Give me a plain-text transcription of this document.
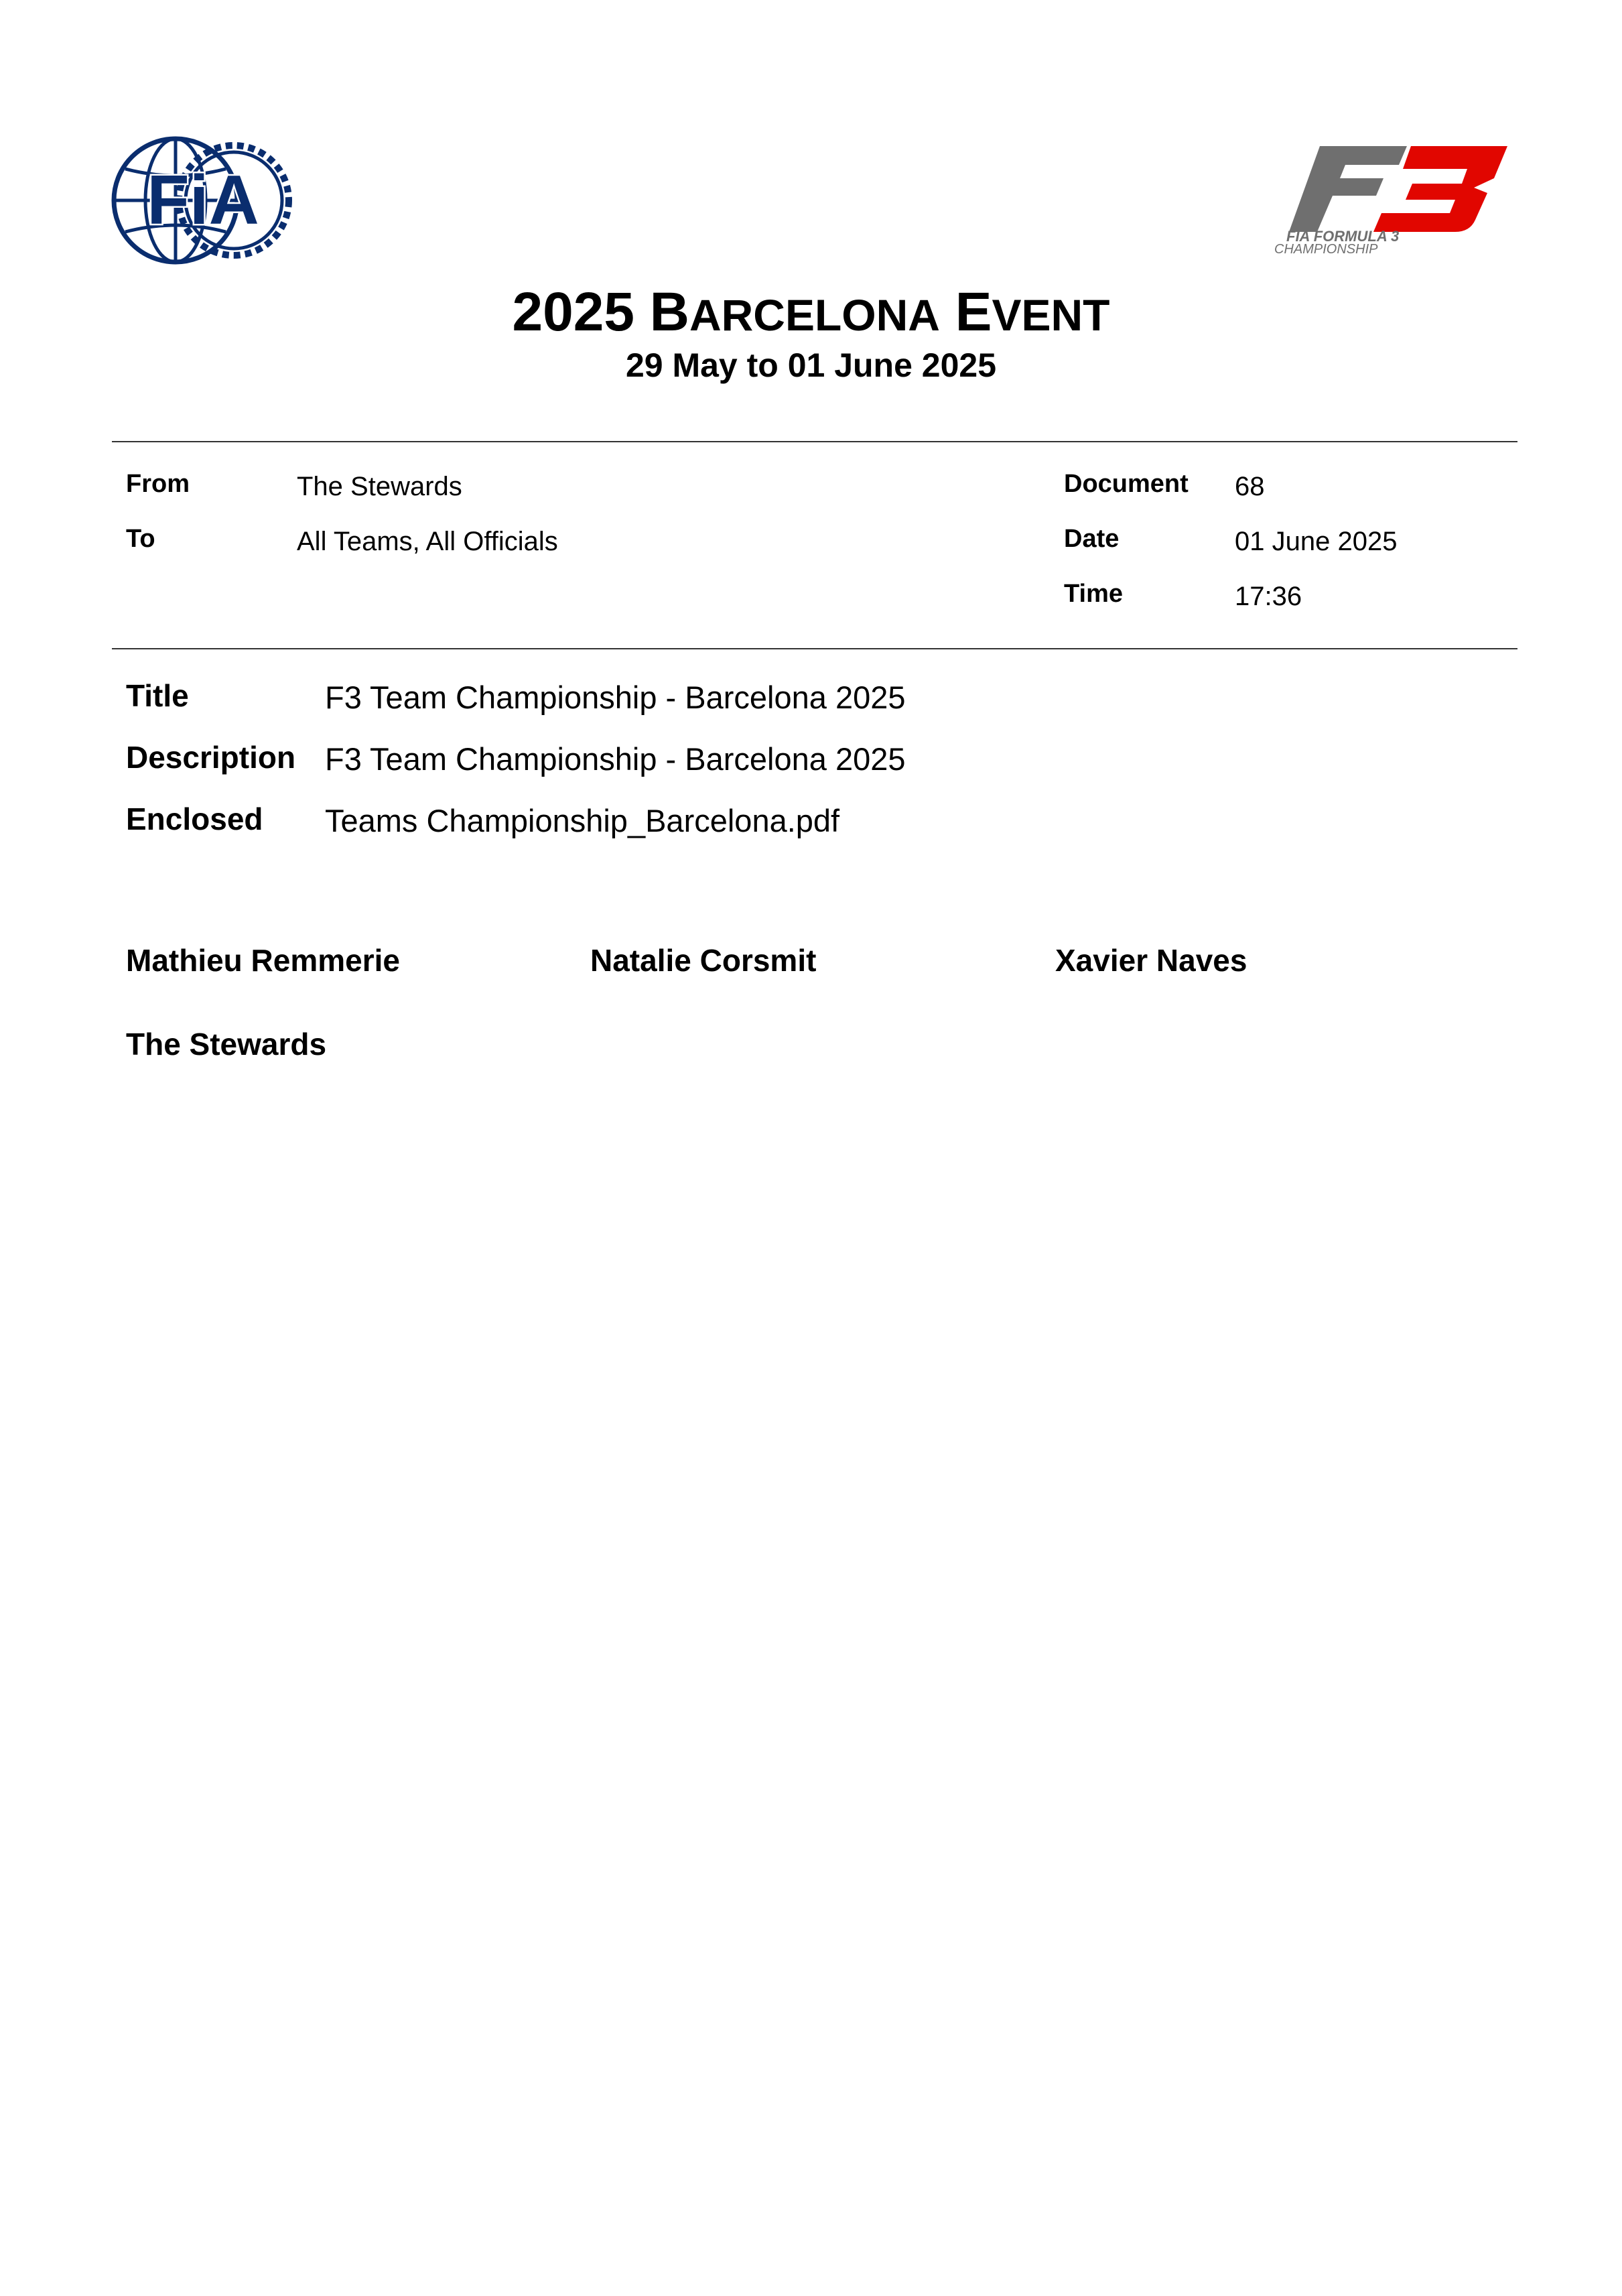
FiA	FIA FORMULA 3
CHAMPIONSHIP
2025 BARCELONA EVENT
29 May to 01 June 2025
From	The Stewards
To	All Teams, All Officials
Document 68
Date	01 June 2025
Time	17:36
Title	F3 Team Championship - Barcelona 2025
Description F3 Team Championship - Barcelona 2025
Enclosed Teams Championship_Barcelona.pdf
Mathieu Remmerie	Natalie Corsmit	Xavier Naves
The Stewards
